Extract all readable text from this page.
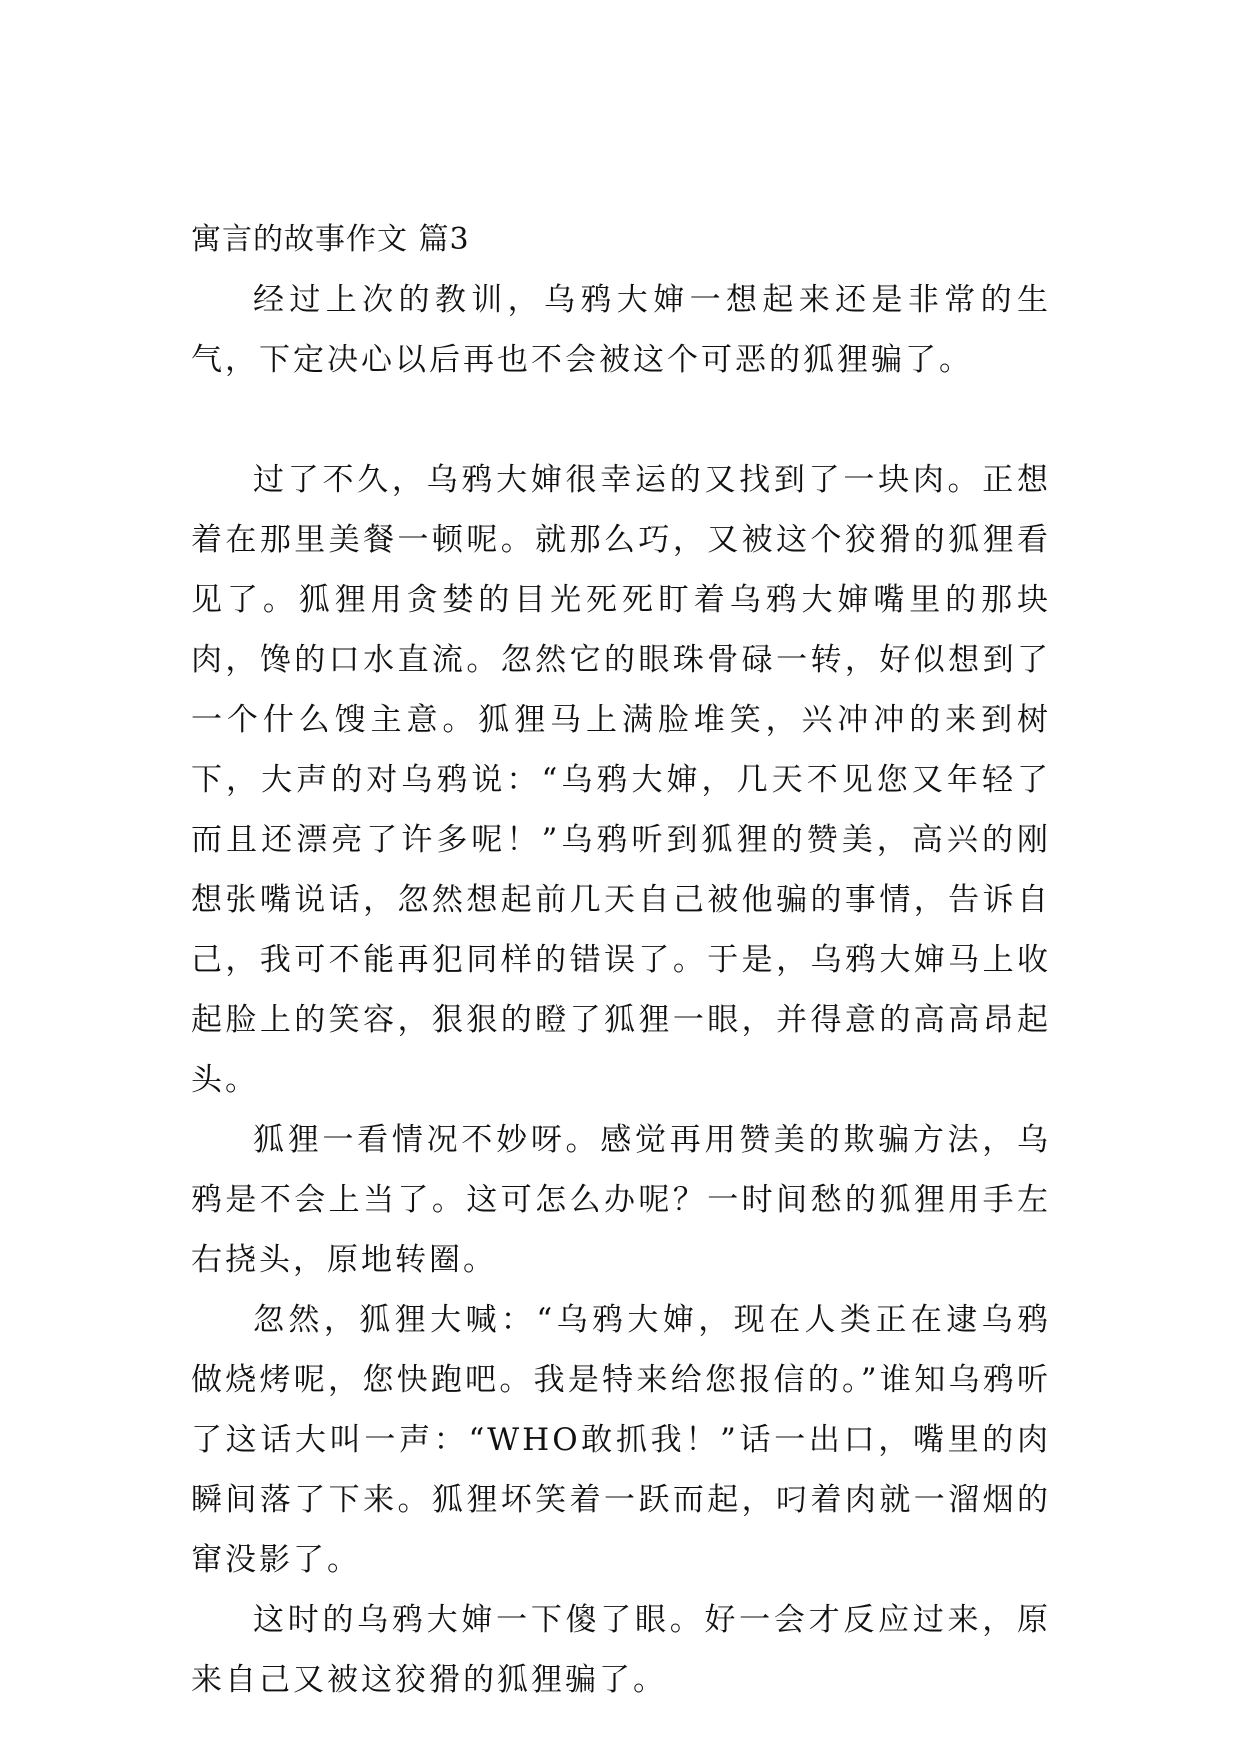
寓言的故事作文 篇3

经过上次的教训，乌鸦大婶一想起来还是非常的生气，下定决心以后再也不会被这个可恶的狐狸骗了。

过了不久，乌鸦大婶很幸运的又找到了一块肉。正想着在那里美餐一顿呢。就那么巧，又被这个狡猾的狐狸看见了。狐狸用贪婪的目光死死盯着乌鸦大婶嘴里的那块肉，馋的口水直流。忽然它的眼珠骨碌一转，好似想到了一个什么馊主意。狐狸马上满脸堆笑，兴冲冲的来到树下，大声的对乌鸦说：“乌鸦大婶，几天不见您又年轻了而且还漂亮了许多呢！”乌鸦听到狐狸的赞美，高兴的刚想张嘴说话，忽然想起前几天自己被他骗的事情，告诉自己，我可不能再犯同样的错误了。于是，乌鸦大婶马上收起脸上的笑容，狠狠的瞪了狐狸一眼，并得意的高高昂起头。

狐狸一看情况不妙呀。感觉再用赞美的欺骗方法，乌鸦是不会上当了。这可怎么办呢？一时间愁的狐狸用手左右挠头，原地转圈。

忽然，狐狸大喊：“乌鸦大婶，现在人类正在逮乌鸦做烧烤呢，您快跑吧。我是特来给您报信的。”谁知乌鸦听了这话大叫一声：“WHO敢抓我！”话一出口，嘴里的肉瞬间落了下来。狐狸坏笑着一跃而起，叼着肉就一溜烟的窜没影了。

这时的乌鸦大婶一下傻了眼。好一会才反应过来，原来自己又被这狡猾的狐狸骗了。
